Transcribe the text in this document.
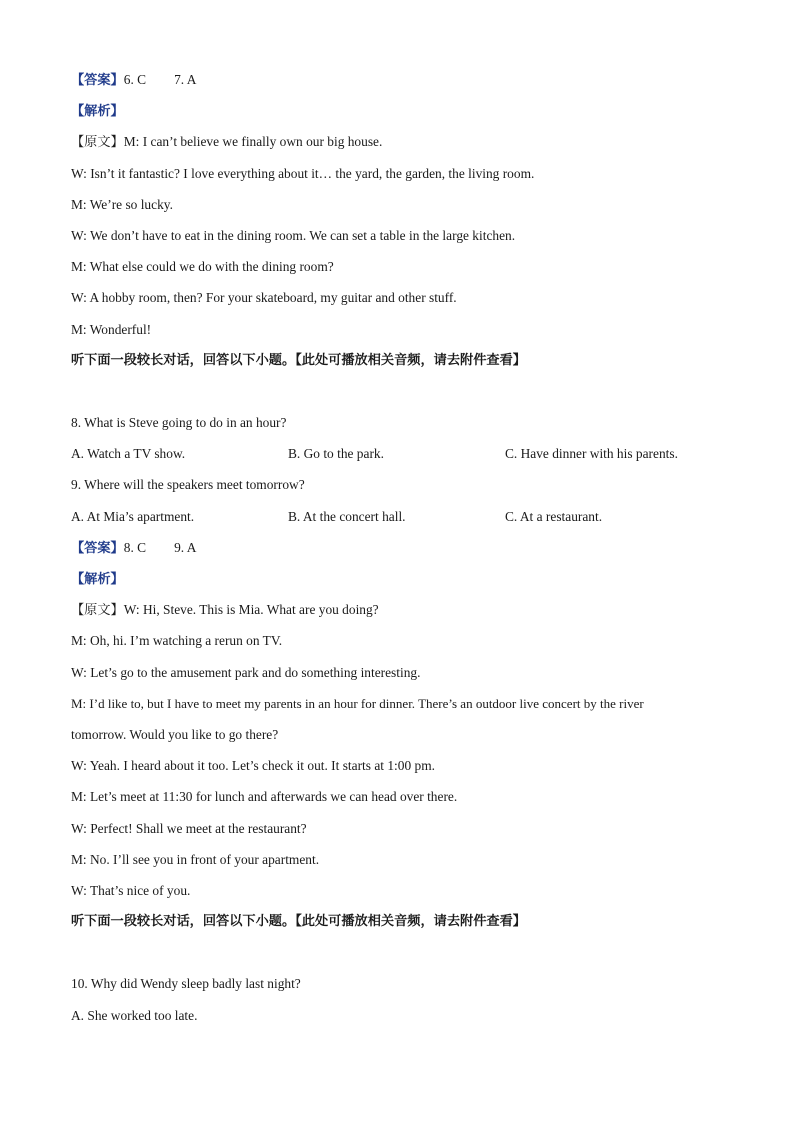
【答案】6. C 7. A
【解析】
【原文】M: I can’t believe we finally own our big house.
W: Isn’t it fantastic? I love everything about it… the yard, the garden, the living room.
M: We’re so lucky.
W: We don’t have to eat in the dining room. We can set a table in the large kitchen.
M: What else could we do with the dining room?
W: A hobby room, then? For your skateboard, my guitar and other stuff.
M: Wonderful!
听下面一段较长对话，回答以下小题。【此处可播放相关音频，请去附件查看】
8. What is Steve going to do in an hour?
A. Watch a TV show.	B. Go to the park.	C. Have dinner with his parents.
9. Where will the speakers meet tomorrow?
A. At Mia’s apartment.	B. At the concert hall.	C. At a restaurant.
【答案】8. C 9. A
【解析】
【原文】W: Hi, Steve. This is Mia. What are you doing?
M: Oh, hi. I’m watching a rerun on TV.
W: Let’s go to the amusement park and do something interesting.
M: I’d like to, but I have to meet my parents in an hour for dinner. There’s an outdoor live concert by the river
tomorrow. Would you like to go there?
W: Yeah. I heard about it too. Let’s check it out. It starts at 1:00 pm.
M: Let’s meet at 11:30 for lunch and afterwards we can head over there.
W: Perfect! Shall we meet at the restaurant?
M: No. I’ll see you in front of your apartment.
W: That’s nice of you.
听下面一段较长对话，回答以下小题。【此处可播放相关音频，请去附件查看】
10. Why did Wendy sleep badly last night?
A. She worked too late.
